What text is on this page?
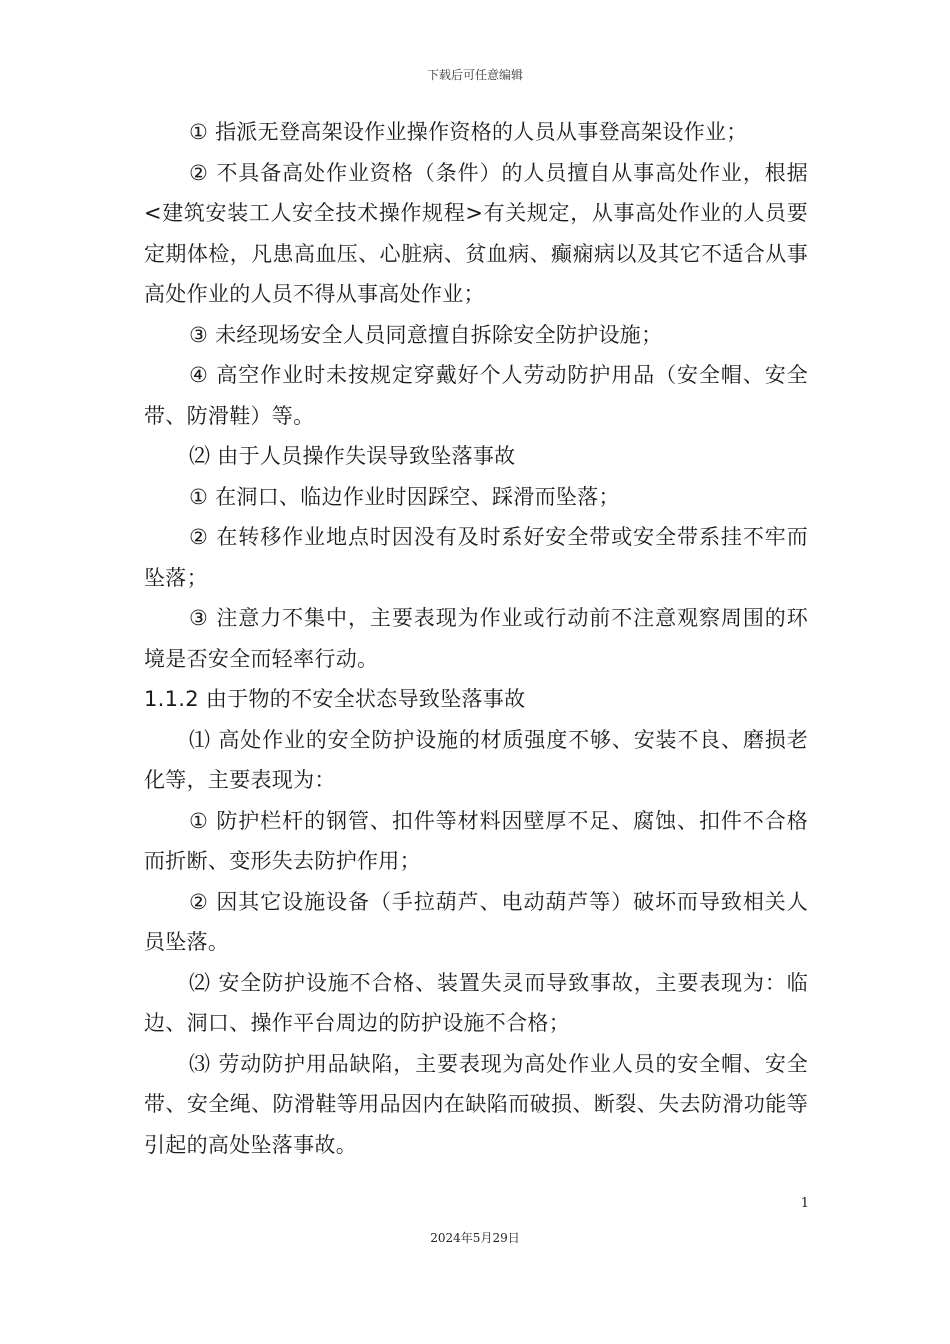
下载后可任意编辑

① 指派无登高架设作业操作资格的人员从事登高架设作业；

② 不具备高处作业资格（条件）的人员擅自从事高处作业，根据<建筑安装工人安全技术操作规程>有关规定，从事高处作业的人员要定期体检，凡患高血压、心脏病、贫血病、癫痫病以及其它不适合从事高处作业的人员不得从事高处作业；

③ 未经现场安全人员同意擅自拆除安全防护设施；

④ 高空作业时未按规定穿戴好个人劳动防护用品（安全帽、安全带、防滑鞋）等。

⑵ 由于人员操作失误导致坠落事故

① 在洞口、临边作业时因踩空、踩滑而坠落；

② 在转移作业地点时因没有及时系好安全带或安全带系挂不牢而坠落；

③ 注意力不集中，主要表现为作业或行动前不注意观察周围的环境是否安全而轻率行动。

1.1.2 由于物的不安全状态导致坠落事故

⑴ 高处作业的安全防护设施的材质强度不够、安装不良、磨损老化等，主要表现为：

① 防护栏杆的钢管、扣件等材料因壁厚不足、腐蚀、扣件不合格而折断、变形失去防护作用；

② 因其它设施设备（手拉葫芦、电动葫芦等）破坏而导致相关人员坠落。

⑵ 安全防护设施不合格、装置失灵而导致事故，主要表现为：临边、洞口、操作平台周边的防护设施不合格；

⑶ 劳动防护用品缺陷，主要表现为高处作业人员的安全帽、安全带、安全绳、防滑鞋等用品因内在缺陷而破损、断裂、失去防滑功能等引起的高处坠落事故。

1
2024年5月29日
